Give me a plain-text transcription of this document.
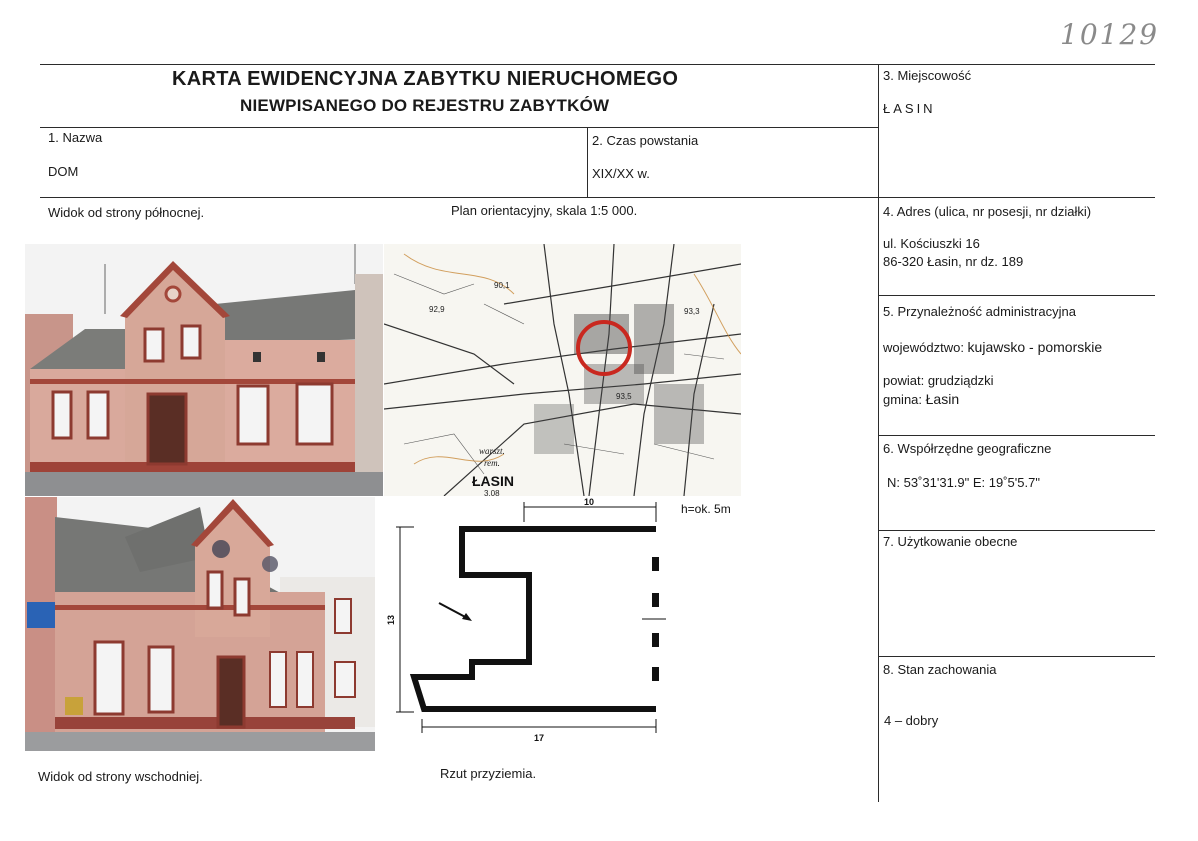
10129
KARTA EWIDENCYJNA ZABYTKU NIERUCHOMEGO
NIEWPISANEGO DO REJESTRU ZABYTKÓW
3. Miejscowość
ŁASIN
1. Nazwa
DOM
2. Czas powstania
XIX/XX w.
4. Adres (ulica, nr posesji, nr działki)
ul. Kościuszki 16
86-320 Łasin, nr dz. 189
5. Przynależność administracyjna
województwo: kujawsko - pomorskie
powiat: grudziądzki
gmina: Łasin
6. Współrzędne geograficzne
N: 53˚31'31.9" E: 19˚5'5.7"
7. Użytkowanie obecne
8. Stan zachowania
4 – dobry
Widok od strony północnej.	Plan orientacyjny, skala 1:5 000.
Widok od strony wschodniej.	Rzut przyziemia.
90,1
92,9	93,3
93,5
warszt.
rem.
ŁASIN
3,08
h=ok. 5m
10
13
17
